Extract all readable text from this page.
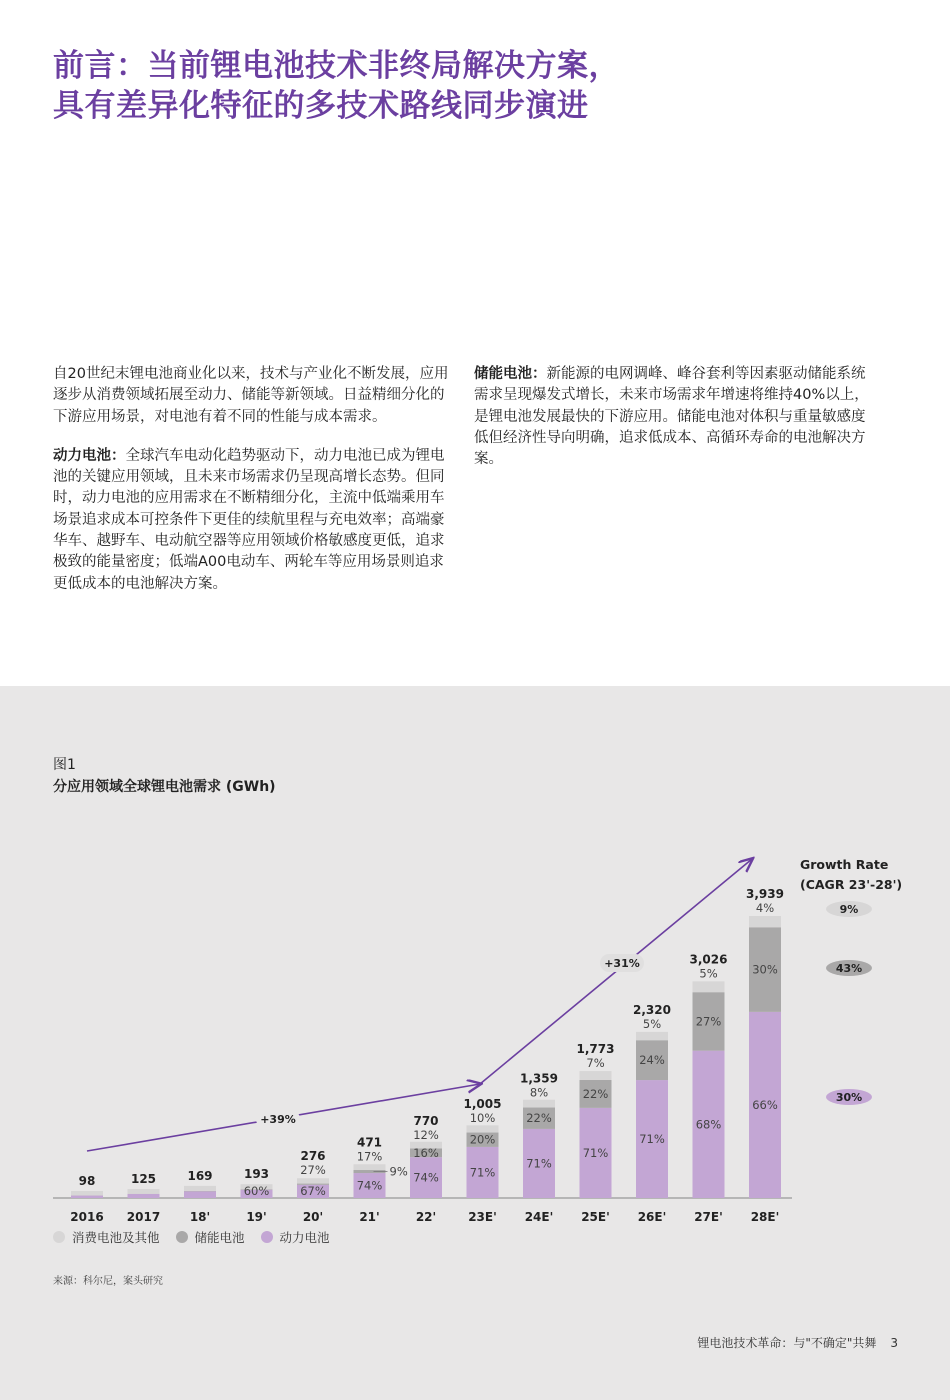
前言：当前锂电池技术非终局解决方案，
具有差异化特征的多技术路线同步演进

自20世纪末锂电池商业化以来，技术与产业化不断发展，应用逐步从消费领域拓展至动力、储能等新领域。日益精细分化的下游应用场景，对电池有着不同的性能与成本需求。

动力电池：全球汽车电动化趋势驱动下，动力电池已成为锂电池的关键应用领域，且未来市场需求仍呈现高增长态势。但同时，动力电池的应用需求在不断精细分化，主流中低端乘用车场景追求成本可控条件下更佳的续航里程与充电效率；高端豪华车、越野车、电动航空器等应用领域价格敏感度更低，追求极致的能量密度；低端A00电动车、两轮车等应用场景则追求更低成本的电池解决方案。

储能电池：新能源的电网调峰、峰谷套利等因素驱动储能系统需求呈现爆发式增长，未来市场需求年增速将维持40%以上，是锂电池发展最快的下游应用。储能电池对体积与重量敏感度低但经济性导向明确，追求低成本、高循环寿命的电池解决方案。

图1
分应用领域全球锂电池需求 (GWh)
98
2016
125
2017
169
18'
60%
193
19'
67%
27%
276
20'
74%
9%
17%
471
21'
74%
16%
12%
770
22'
71%
20%
10%
1,005
23E'
71%
22%
8%
1,359
24E'
71%
22%
7%
1,773
25E'
71%
24%
5%
2,320
26E'
68%
27%
5%
3,026
27E'
66%
30%
4%
3,939
28E'
+39%
+31%
Growth Rate
(CAGR 23'-28')
9%
43%
30%
消费电池及其他	储能电池	动力电池
来源：科尔尼，案头研究
锂电池技术革命：与"不确定"共舞 3
